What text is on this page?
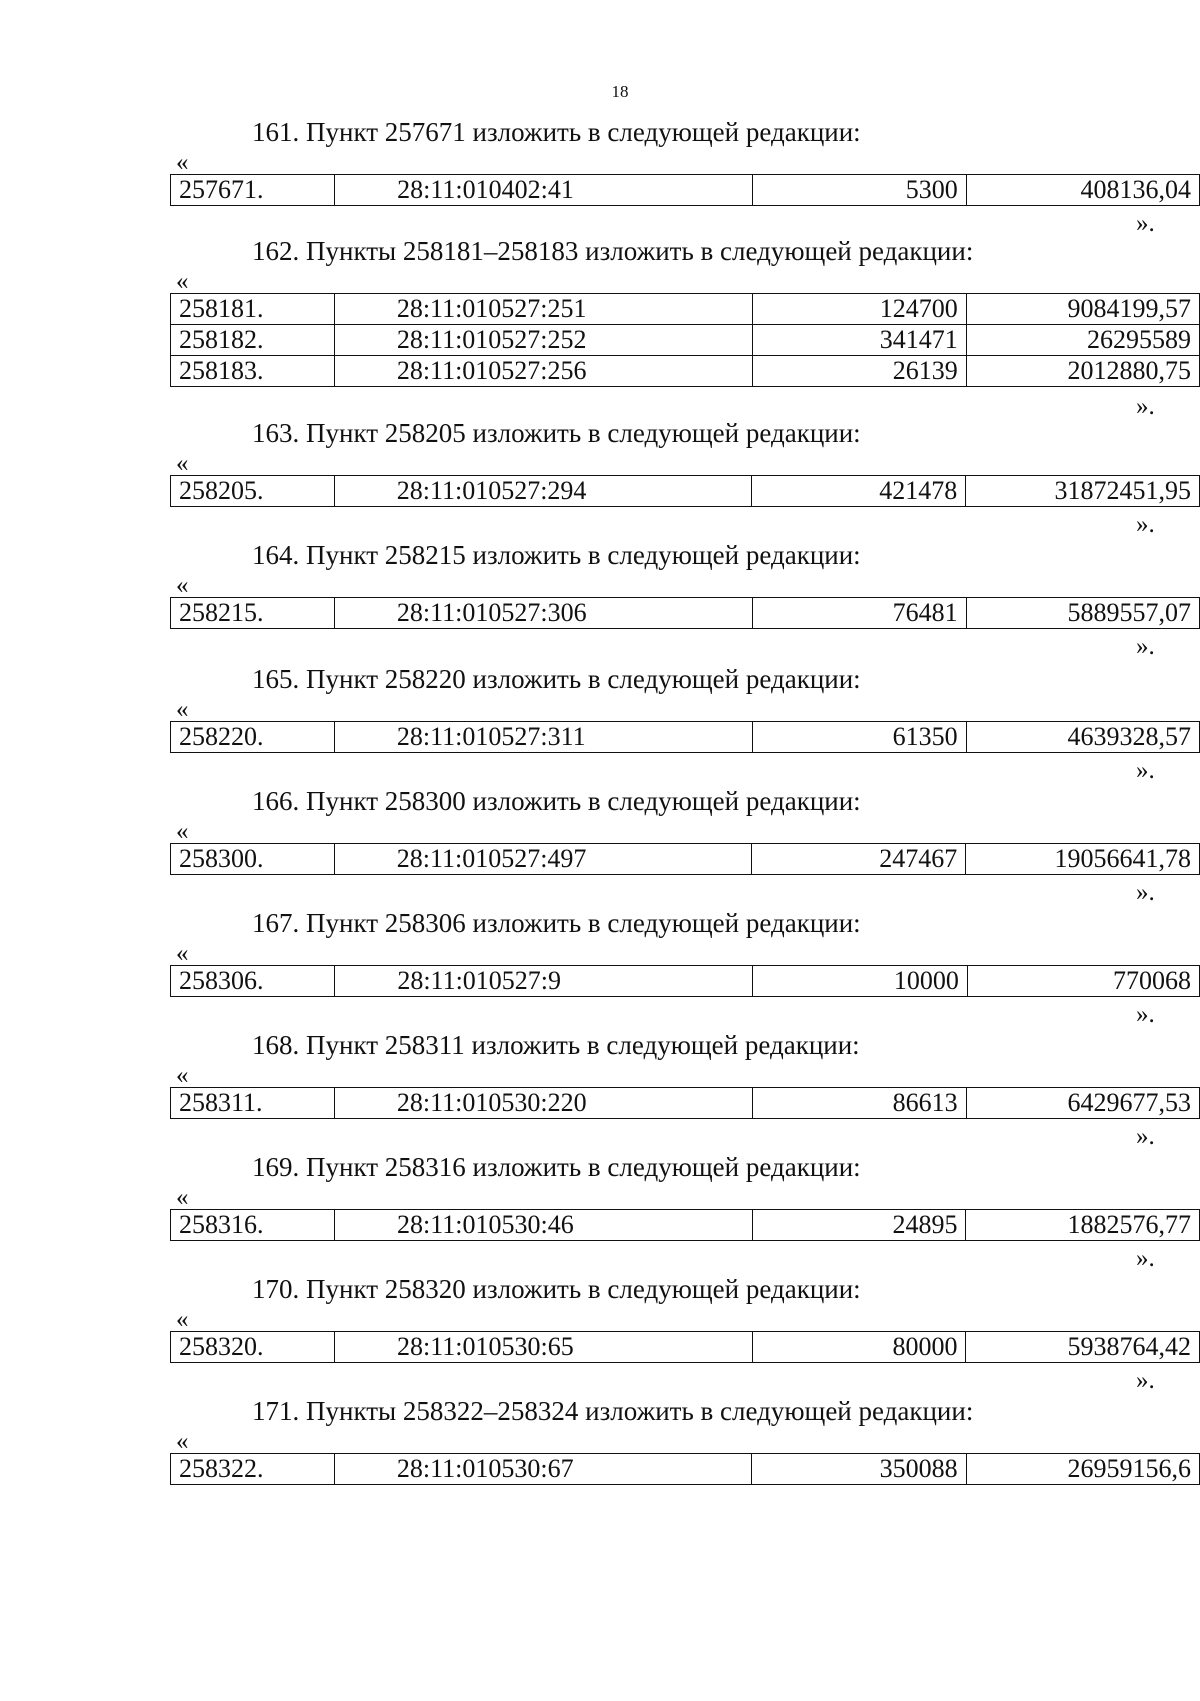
18
161. Пункт 257671 изложить в следующей редакции:
«
257671.	28:11:010402:41	5300	408136,04
».
162. Пункты 258181–258183 изложить в следующей редакции:
«
258181.	28:11:010527:251	124700	9084199,57
258182.	28:11:010527:252	341471	26295589
258183.	28:11:010527:256	26139	2012880,75
».
163. Пункт 258205 изложить в следующей редакции:
«
258205.	28:11:010527:294	421478	31872451,95
».
164. Пункт 258215 изложить в следующей редакции:
«
258215.	28:11:010527:306	76481	5889557,07
».
165. Пункт 258220 изложить в следующей редакции:
«
258220.	28:11:010527:311	61350	4639328,57
».
166. Пункт 258300 изложить в следующей редакции:
«
258300.	28:11:010527:497	247467	19056641,78
».
167. Пункт 258306 изложить в следующей редакции:
«
258306.	28:11:010527:9	10000	770068
».
168. Пункт 258311 изложить в следующей редакции:
«
258311.	28:11:010530:220	86613	6429677,53
».
169. Пункт 258316 изложить в следующей редакции:
«
258316.	28:11:010530:46	24895	1882576,77
».
170. Пункт 258320 изложить в следующей редакции:
«
258320.	28:11:010530:65	80000	5938764,42
».
171. Пункты 258322–258324 изложить в следующей редакции:
«
258322.	28:11:010530:67	350088	26959156,6
